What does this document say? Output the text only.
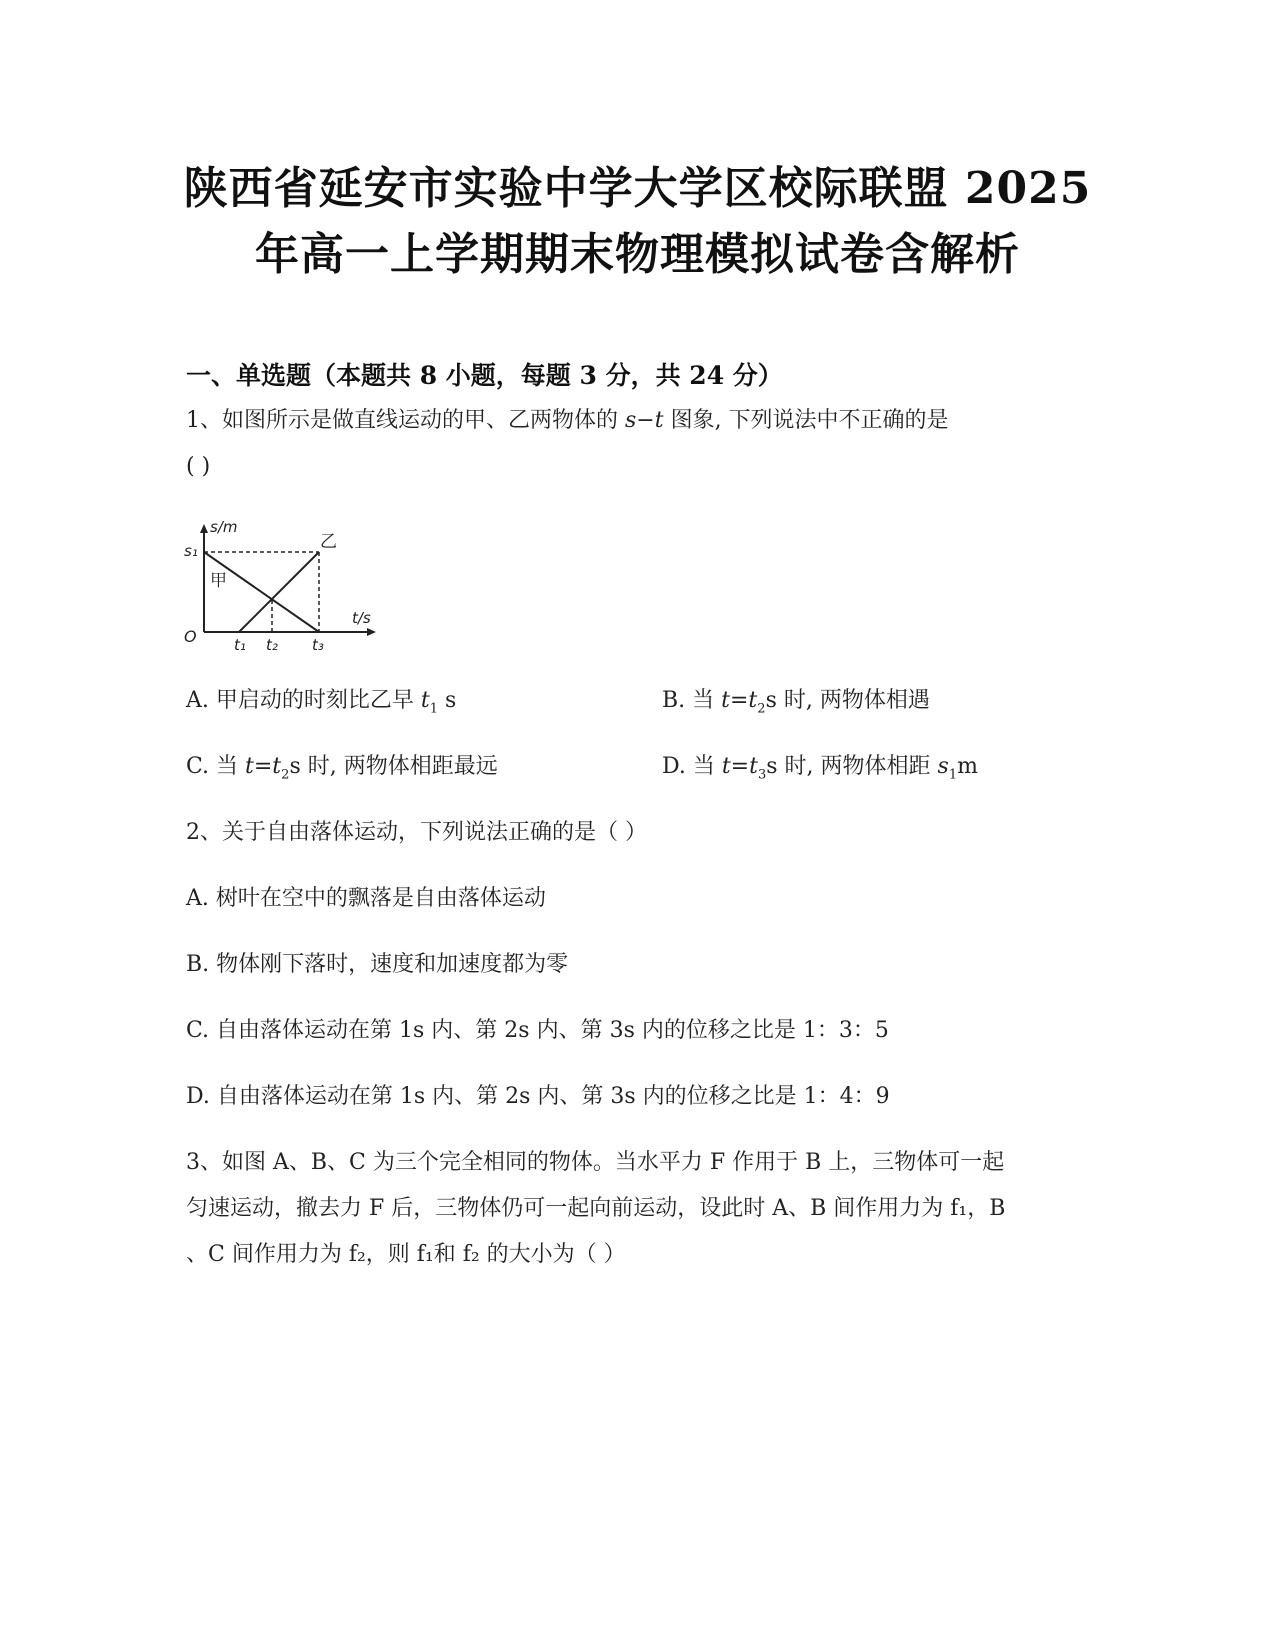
陕西省延安市实验中学大学区校际联盟 2025
年高一上学期期末物理模拟试卷含解析
一、单选题（本题共 8 小题，每题 3 分，共 24 分）
1、如图所示是做直线运动的甲、乙两物体的 s−t 图象, 下列说法中不正确的是
( )
s/m
t/s
O
s₁
t₁ t₂ t₃
甲
乙
A. 甲启动的时刻比乙早 $t_1$ s	B. 当 $t=t_2s$ 时, 两物体相遇
C. 当 $t=t_2s$ 时, 两物体相距最远	D. 当 $t=t_3s$ 时, 两物体相距 $s_1m$
2、关于自由落体运动，下列说法正确的是（ ）
A. 树叶在空中的飘落是自由落体运动
B. 物体刚下落时，速度和加速度都为零
C. 自由落体运动在第 1s 内、第 2s 内、第 3s 内的位移之比是 1：3：5
D. 自由落体运动在第 1s 内、第 2s 内、第 3s 内的位移之比是 1：4：9
3、如图 A、B、C 为三个完全相同的物体。当水平力 F 作用于 B 上，三物体可一起
匀速运动，撤去力 F 后，三物体仍可一起向前运动，设此时 A、B 间作用力为 f₁，B
、C 间作用力为 f₂，则 f₁和 f₂ 的大小为（ ）
